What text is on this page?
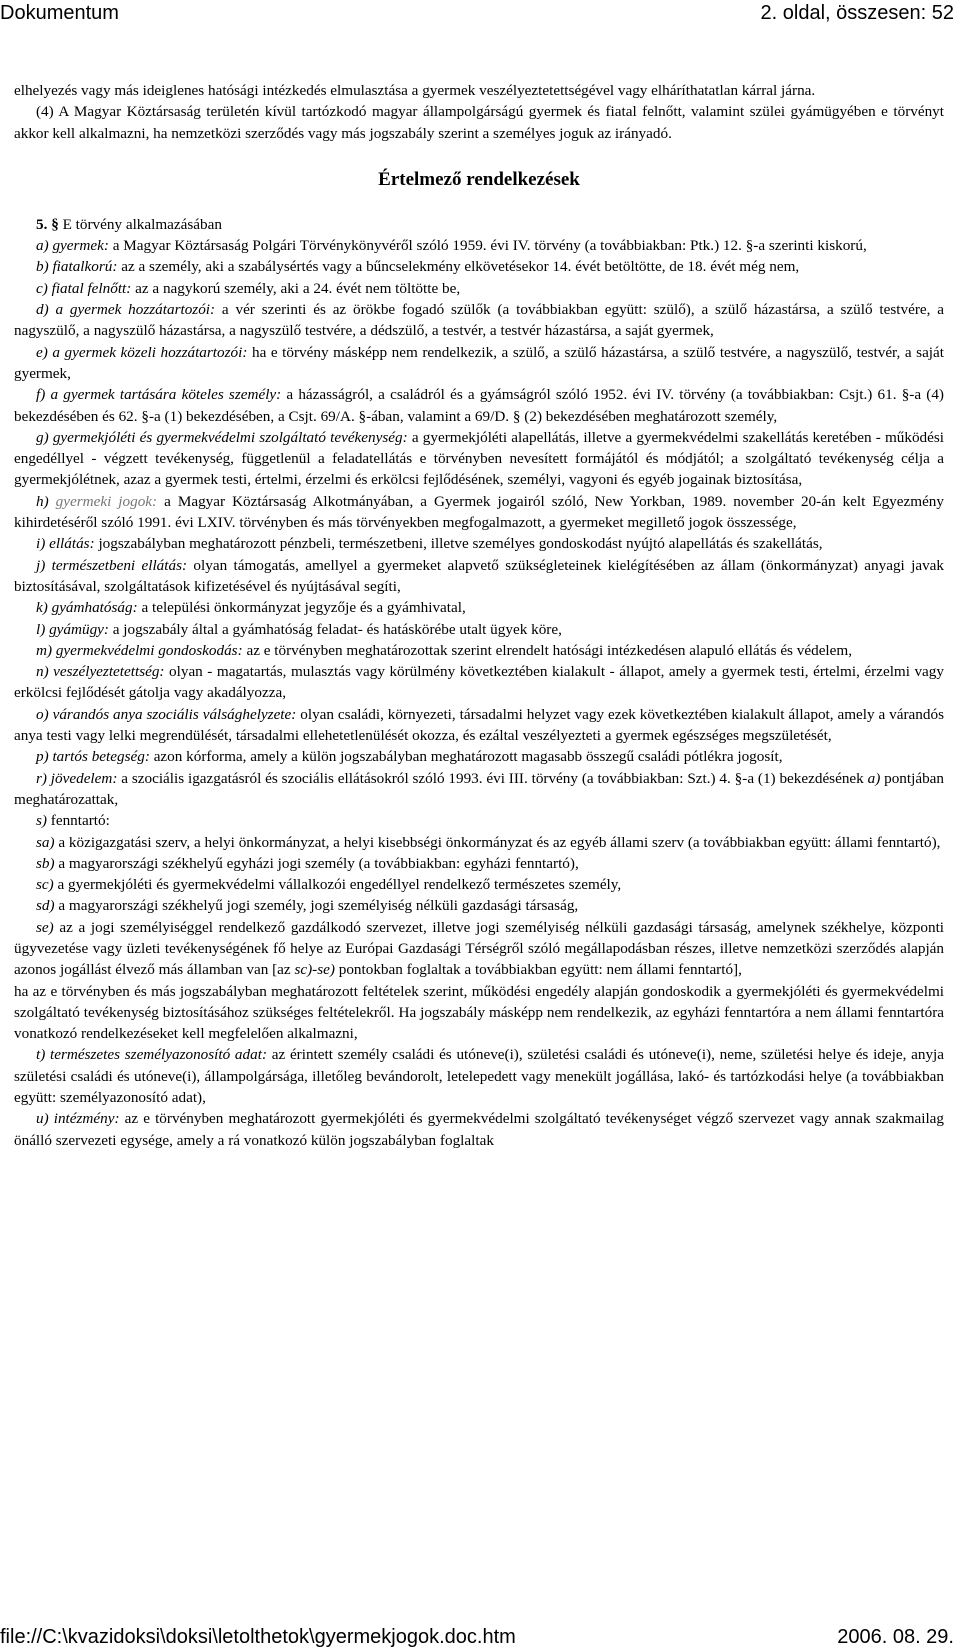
Dokumentum	2. oldal, összesen: 52

elhelyezés vagy más ideiglenes hatósági intézkedés elmulasztása a gyermek veszélyeztetettségével vagy elháríthatatlan kárral járna.

(4) A Magyar Köztársaság területén kívül tartózkodó magyar állampolgárságú gyermek és fiatal felnőtt, valamint szülei gyámügyében e törvényt akkor kell alkalmazni, ha nemzetközi szerződés vagy más jogszabály szerint a személyes joguk az irányadó.

Értelmező rendelkezések

5. § E törvény alkalmazásában

a) gyermek: a Magyar Köztársaság Polgári Törvénykönyvéről szóló 1959. évi IV. törvény (a továbbiakban: Ptk.) 12. §-a szerinti kiskorú,

b) fiatalkorú: az a személy, aki a szabálysértés vagy a bűncselekmény elkövetésekor 14. évét betöltötte, de 18. évét még nem,

c) fiatal felnőtt: az a nagykorú személy, aki a 24. évét nem töltötte be,

d) a gyermek hozzátartozói: a vér szerinti és az örökbe fogadó szülők (a továbbiakban együtt: szülő), a szülő házastársa, a szülő testvére, a nagyszülő, a nagyszülő házastársa, a nagyszülő testvére, a dédszülő, a testvér, a testvér házastársa, a saját gyermek,

e) a gyermek közeli hozzátartozói: ha e törvény másképp nem rendelkezik, a szülő, a szülő házastársa, a szülő testvére, a nagyszülő, testvér, a saját gyermek,

f) a gyermek tartására köteles személy: a házasságról, a családról és a gyámságról szóló 1952. évi IV. törvény (a továbbiakban: Csjt.) 61. §-a (4) bekezdésében és 62. §-a (1) bekezdésében, a Csjt. 69/A. §-ában, valamint a 69/D. § (2) bekezdésében meghatározott személy,

g) gyermekjóléti és gyermekvédelmi szolgáltató tevékenység: a gyermekjóléti alapellátás, illetve a gyermekvédelmi szakellátás keretében - működési engedéllyel - végzett tevékenység, függetlenül a feladatellátás e törvényben nevesített formájától és módjától; a szolgáltató tevékenység célja a gyermekjólétnek, azaz a gyermek testi, értelmi, érzelmi és erkölcsi fejlődésének, személyi, vagyoni és egyéb jogainak biztosítása,

h) gyermeki jogok: a Magyar Köztársaság Alkotmányában, a Gyermek jogairól szóló, New Yorkban, 1989. november 20-án kelt Egyezmény kihirdetéséről szóló 1991. évi LXIV. törvényben és más törvényekben megfogalmazott, a gyermeket megillető jogok összessége,

i) ellátás: jogszabályban meghatározott pénzbeli, természetbeni, illetve személyes gondoskodást nyújtó alapellátás és szakellátás,

j) természetbeni ellátás: olyan támogatás, amellyel a gyermeket alapvető szükségleteinek kielégítésében az állam (önkormányzat) anyagi javak biztosításával, szolgáltatások kifizetésével és nyújtásával segíti,

k) gyámhatóság: a települési önkormányzat jegyzője és a gyámhivatal,

l) gyámügy: a jogszabály által a gyámhatóság feladat- és hatáskörébe utalt ügyek köre,

m) gyermekvédelmi gondoskodás: az e törvényben meghatározottak szerint elrendelt hatósági intézkedésen alapuló ellátás és védelem,

n) veszélyeztetettség: olyan - magatartás, mulasztás vagy körülmény következtében kialakult - állapot, amely a gyermek testi, értelmi, érzelmi vagy erkölcsi fejlődését gátolja vagy akadályozza,

o) várandós anya szociális válsághelyzete: olyan családi, környezeti, társadalmi helyzet vagy ezek következtében kialakult állapot, amely a várandós anya testi vagy lelki megrendülését, társadalmi ellehetetlenülését okozza, és ezáltal veszélyezteti a gyermek egészséges megszületését,

p) tartós betegség: azon kórforma, amely a külön jogszabályban meghatározott magasabb összegű családi pótlékra jogosít,

r) jövedelem: a szociális igazgatásról és szociális ellátásokról szóló 1993. évi III. törvény (a továbbiakban: Szt.) 4. §-a (1) bekezdésének a) pontjában meghatározattak,

s) fenntartó:

sa) a közigazgatási szerv, a helyi önkormányzat, a helyi kisebbségi önkormányzat és az egyéb állami szerv (a továbbiakban együtt: állami fenntartó),

sb) a magyarországi székhelyű egyházi jogi személy (a továbbiakban: egyházi fenntartó),

sc) a gyermekjóléti és gyermekvédelmi vállalkozói engedéllyel rendelkező természetes személy,

sd) a magyarországi székhelyű jogi személy, jogi személyiség nélküli gazdasági társaság,

se) az a jogi személyiséggel rendelkező gazdálkodó szervezet, illetve jogi személyiség nélküli gazdasági társaság, amelynek székhelye, központi ügyvezetése vagy üzleti tevékenységének fő helye az Európai Gazdasági Térségről szóló megállapodásban részes, illetve nemzetközi szerződés alapján azonos jogállást élvező más államban van [az sc)-se) pontokban foglaltak a továbbiakban együtt: nem állami fenntartó],

ha az e törvényben és más jogszabályban meghatározott feltételek szerint, működési engedély alapján gondoskodik a gyermekjóléti és gyermekvédelmi szolgáltató tevékenység biztosításához szükséges feltételekről. Ha jogszabály másképp nem rendelkezik, az egyházi fenntartóra a nem állami fenntartóra vonatkozó rendelkezéseket kell megfelelően alkalmazni,

t) természetes személyazonosító adat: az érintett személy családi és utóneve(i), születési családi és utóneve(i), neme, születési helye és ideje, anyja születési családi és utóneve(i), állampolgársága, illetőleg bevándorolt, letelepedett vagy menekült jogállása, lakó- és tartózkodási helye (a továbbiakban együtt: személyazonosító adat),

u) intézmény: az e törvényben meghatározott gyermekjóléti és gyermekvédelmi szolgáltató tevékenységet végző szervezet vagy annak szakmailag önálló szervezeti egysége, amely a rá vonatkozó külön jogszabályban foglaltak

file://C:\kvazidoksi\doksi\letolthetok\gyermekjogok.doc.htm	2006. 08. 29.
